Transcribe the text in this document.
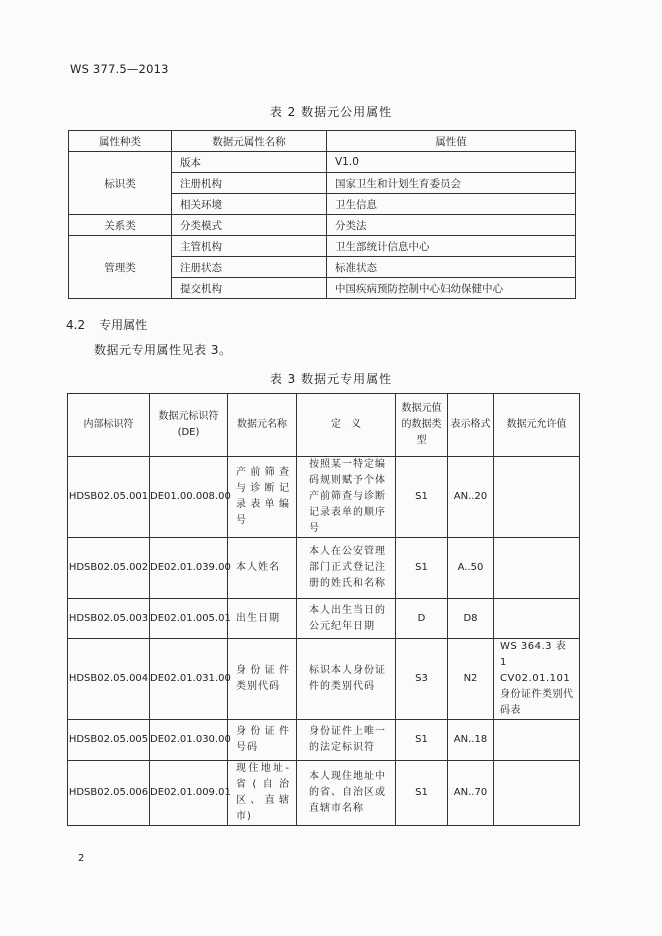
WS 377.5—2013
表 2 数据元公用属性
属性种类	数据元属性名称	属性值
标识类	版本	V1.0
	注册机构	国家卫生和计划生育委员会
	相关环境	卫生信息
关系类	分类模式	分类法
管理类	主管机构	卫生部统计信息中心
	注册状态	标准状态
	提交机构	中国疾病预防控制中心妇幼保健中心
4.2 专用属性
数据元专用属性见表 3。
表 3 数据元专用属性
内部标识符	数据元标识符(DE)	数据元名称	定　义	数据元值的数据类型	表示格式	数据元允许值
HDSB02.05.001	DE01.00.008.00	产前筛查与诊断记录表单编号	按照某一特定编码规则赋予个体产前筛查与诊断记录表单的顺序号	S1	AN..20	
HDSB02.05.002	DE02.01.039.00	本人姓名	本人在公安管理部门正式登记注册的姓氏和名称	S1	A..50	
HDSB02.05.003	DE02.01.005.01	出生日期	本人出生当日的公元纪年日期	D	D8	
HDSB02.05.004	DE02.01.031.00	身份证件类别代码	标识本人身份证件的类别代码	S3	N2	WS 364.3 表 1 CV02.01.101 身份证件类别代码表

HDSB02.05.005	DE02.01.030.00	身份证件号码	身份证件上唯一的法定标识符	S1	AN..18	
HDSB02.05.006	DE02.01.009.01	现住地址-省(自治区、直辖市)	本人现住地址中的省、自治区或直辖市名称	S1	AN..70	
2
